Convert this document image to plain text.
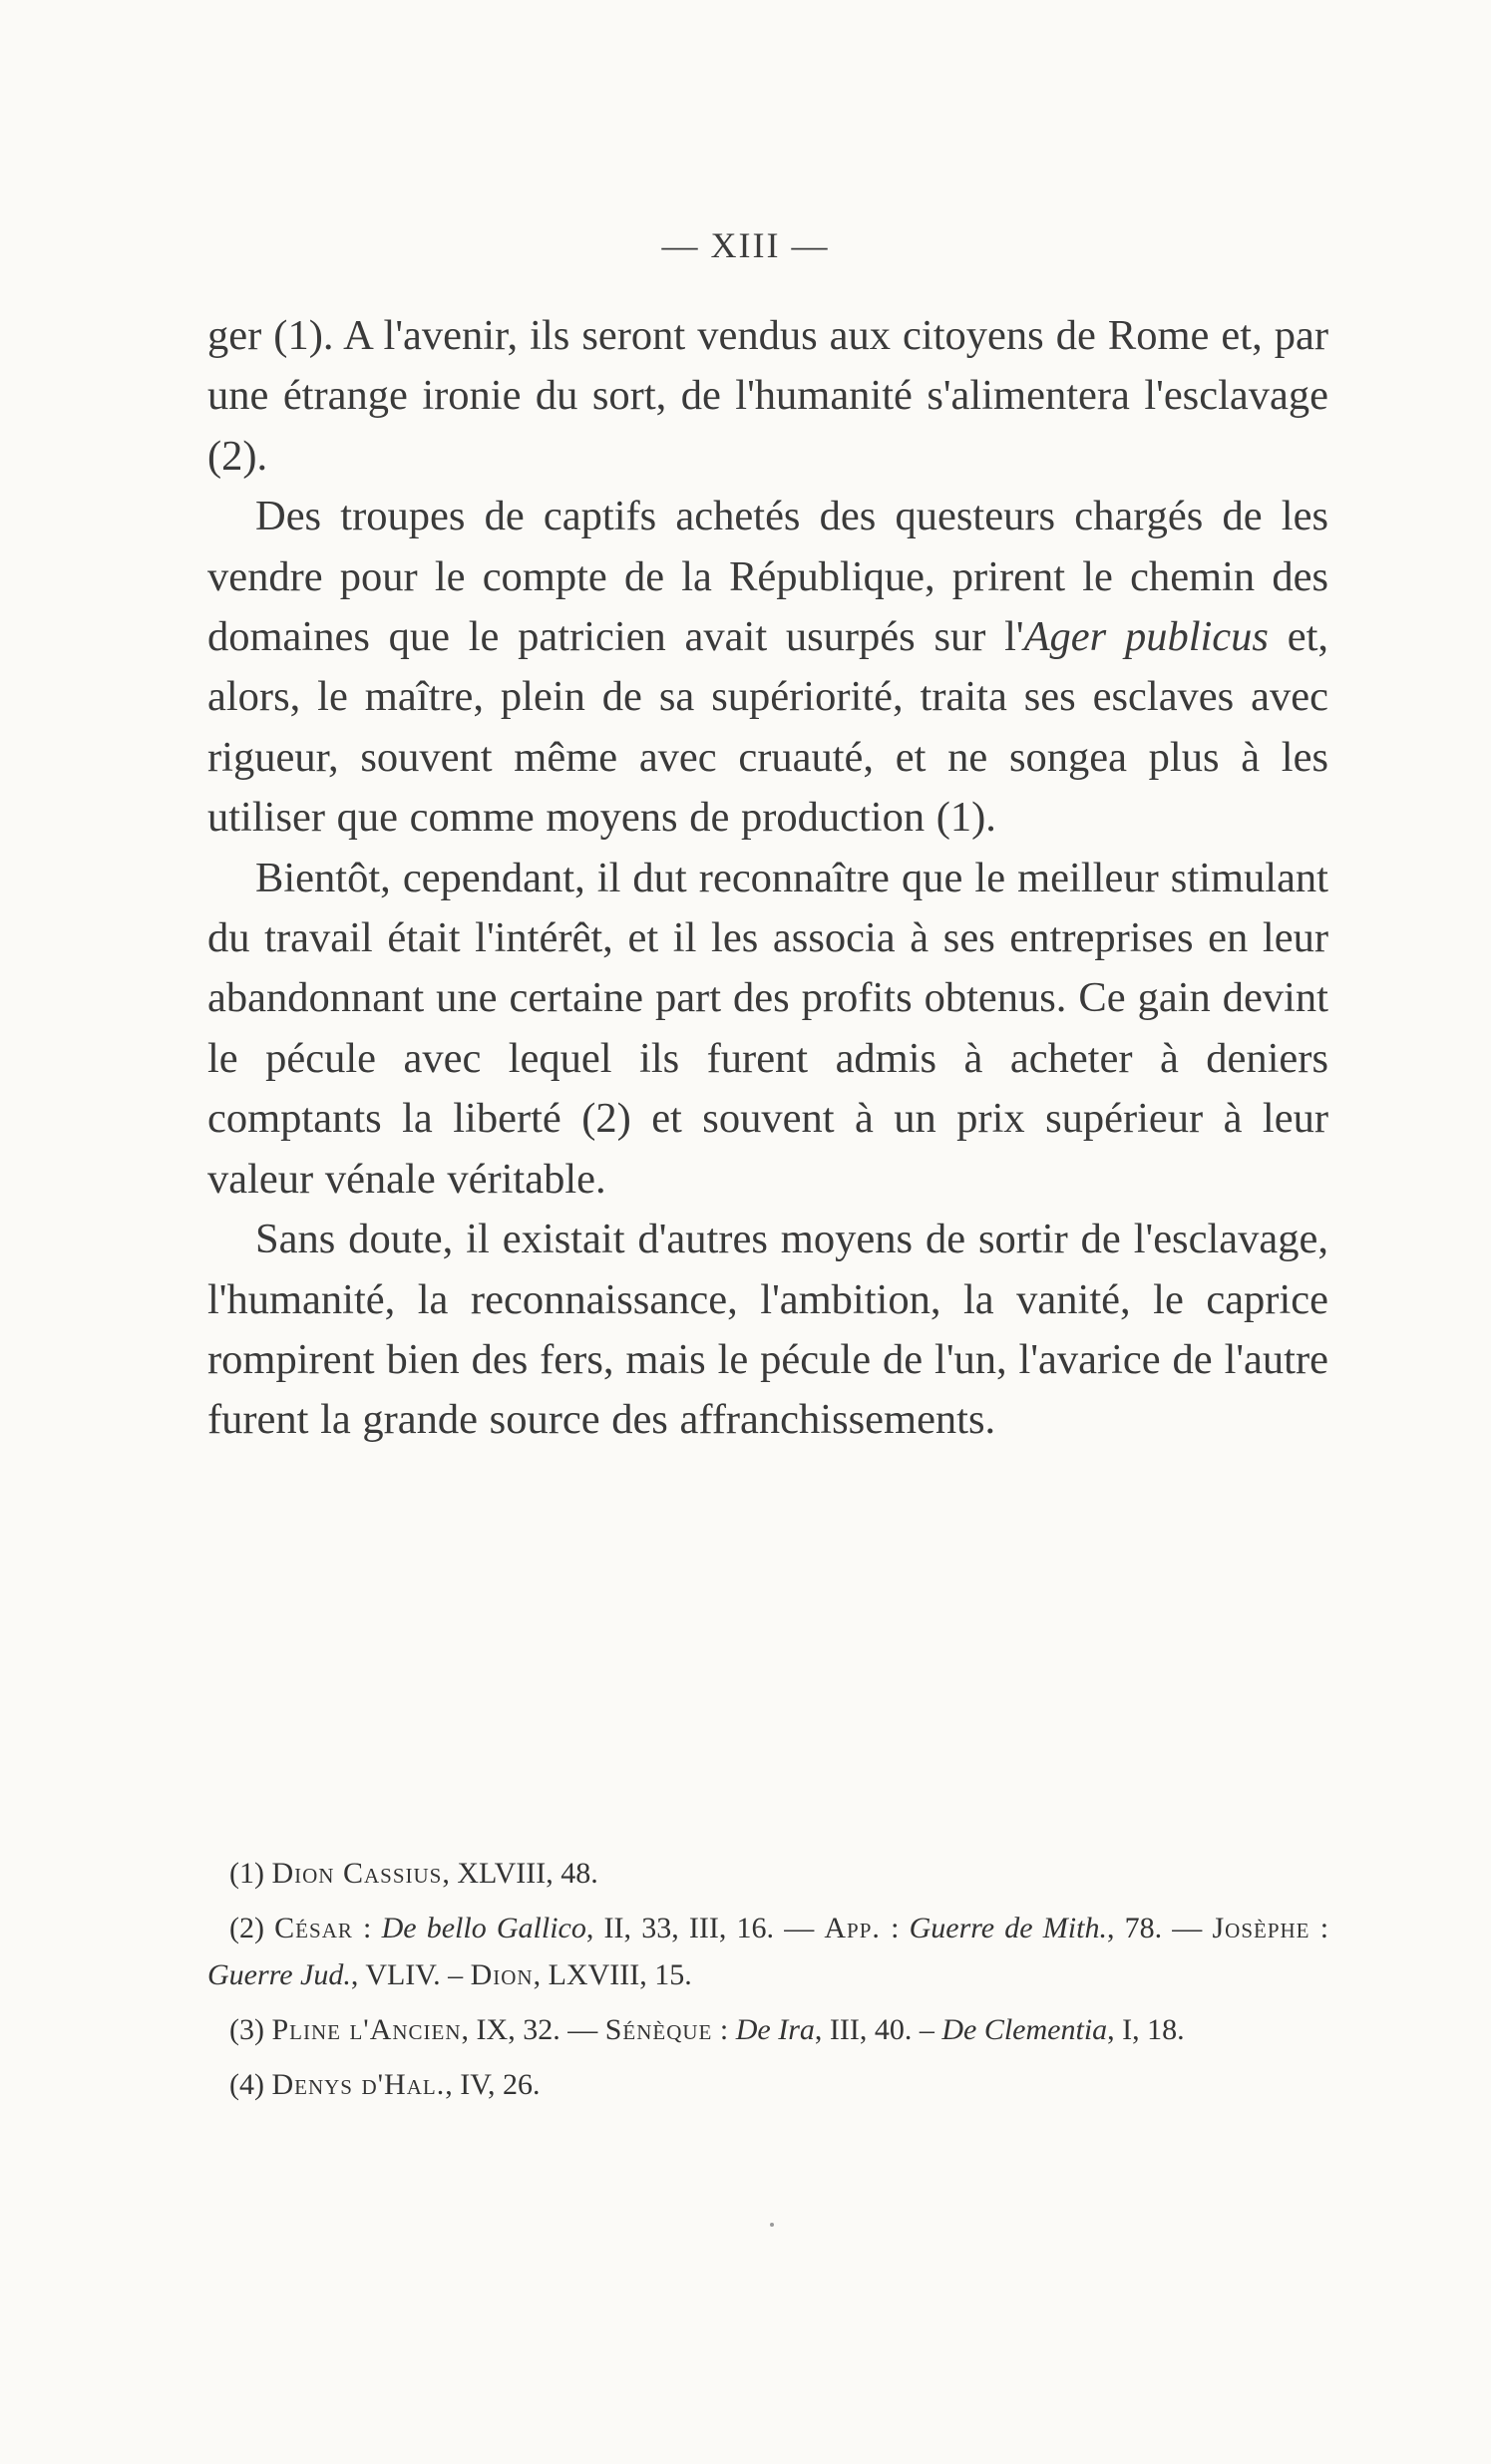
— XIII —

ger (1). A l'avenir, ils seront vendus aux citoyens de Rome et, par une étrange ironie du sort, de l'humanité s'alimentera l'esclavage (2).

Des troupes de captifs achetés des questeurs chargés de les vendre pour le compte de la République, prirent le chemin des domaines que le patricien avait usurpés sur l'Ager publicus et, alors, le maître, plein de sa supériorité, traita ses esclaves avec rigueur, souvent même avec cruauté, et ne songea plus à les utiliser que comme moyens de production (1).

Bientôt, cependant, il dut reconnaître que le meilleur stimulant du travail était l'intérêt, et il les associa à ses entreprises en leur abandonnant une certaine part des profits obtenus. Ce gain devint le pécule avec lequel ils furent admis à acheter à deniers comptants la liberté (2) et souvent à un prix supérieur à leur valeur vénale véritable.

Sans doute, il existait d'autres moyens de sortir de l'esclavage, l'humanité, la reconnaissance, l'ambition, la vanité, le caprice rompirent bien des fers, mais le pécule de l'un, l'avarice de l'autre furent la grande source des affranchissements.

(1) Dion Cassius, XLVIII, 48.

(2) César : De bello Gallico, II, 33, III, 16. — App. : Guerre de Mith., 78. — Josèphe : Guerre Jud., VLIV. – Dion, LXVIII, 15.

(3) Pline l'Ancien, IX, 32. — Sénèque : De Ira, III, 40. – De Clementia, I, 18.

(4) Denys d'Hal., IV, 26.
